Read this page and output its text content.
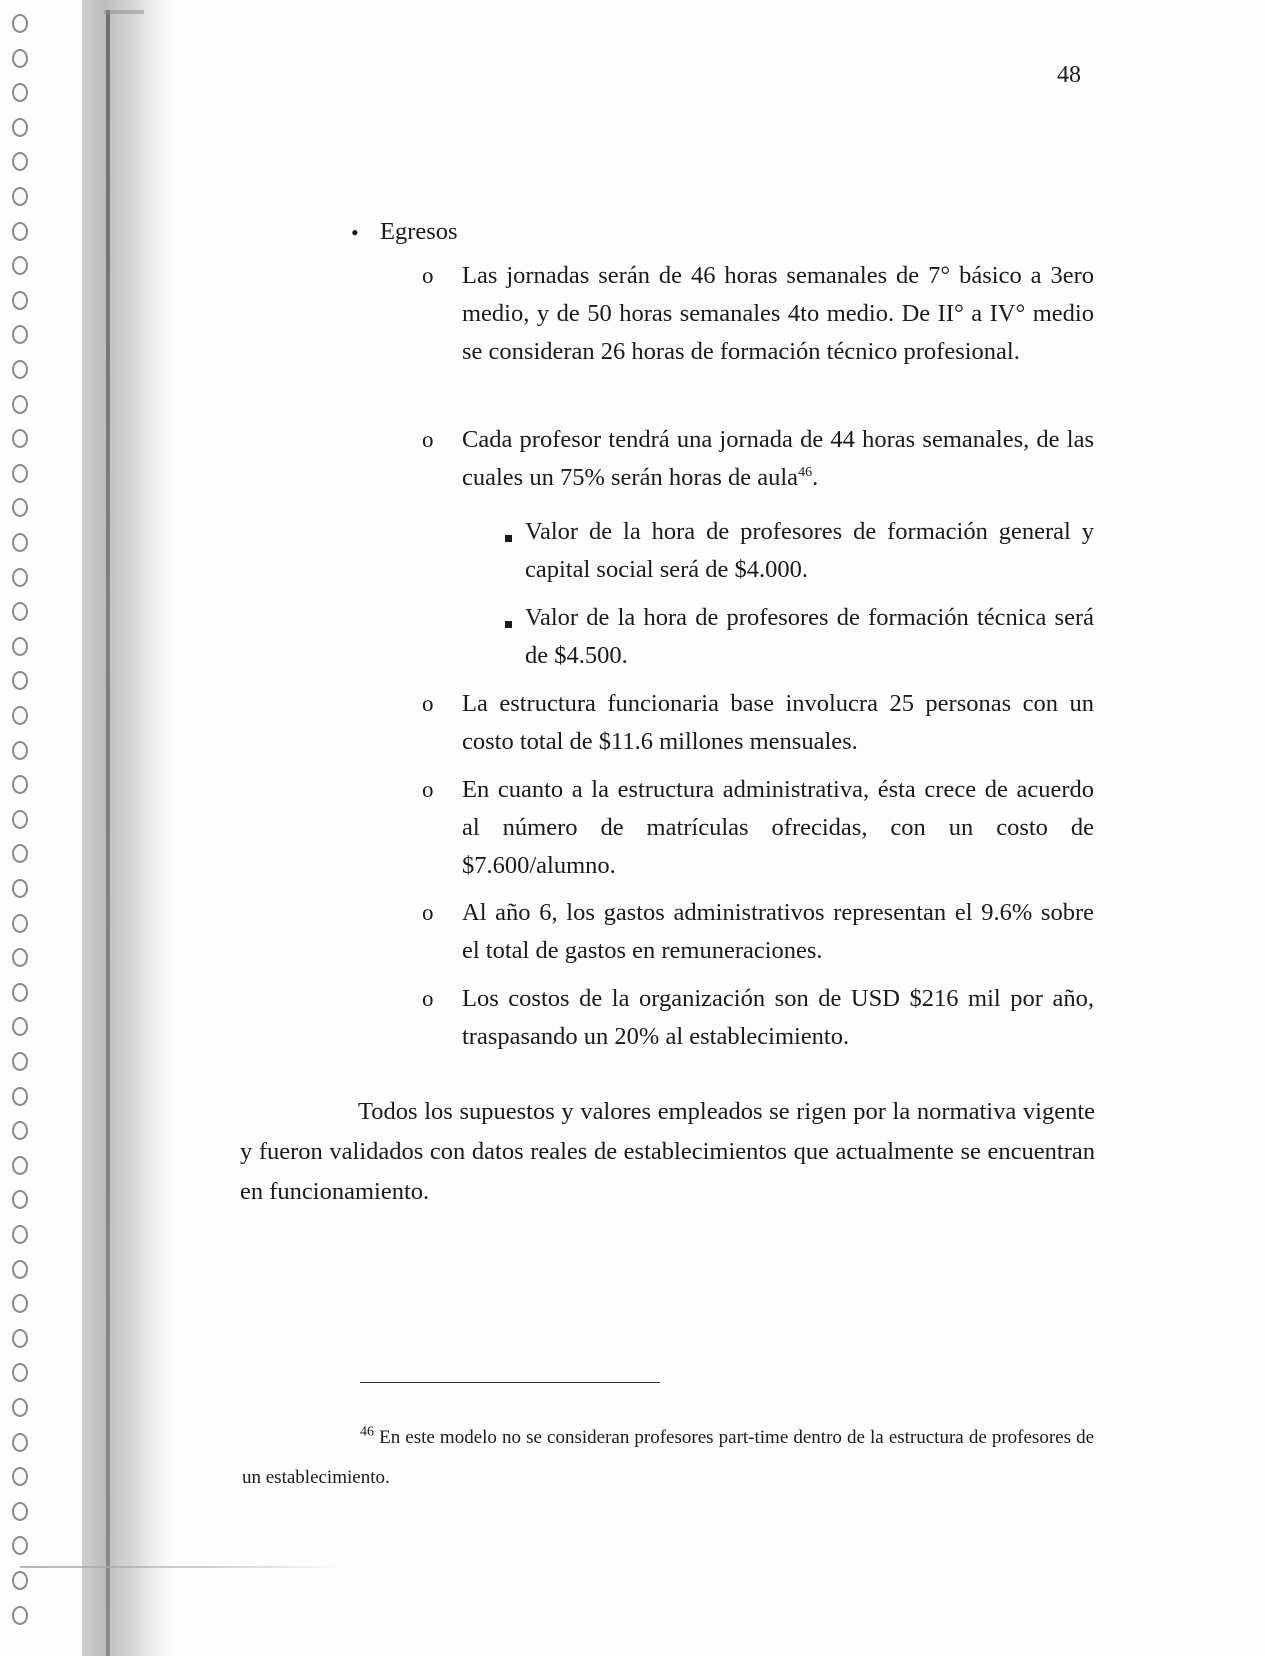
48
• Egresos
o Las jornadas serán de 46 horas semanales de 7° básico a 3ero medio, y de 50 horas semanales 4to medio. De II° a IV° medio se consideran 26 horas de formación técnico profesional.
o Cada profesor tendrá una jornada de 44 horas semanales, de las cuales un 75% serán horas de aula$^{46}$.
Valor de la hora de profesores de formación general y capital social será de $4.000.
Valor de la hora de profesores de formación técnica será de $4.500.
o La estructura funcionaria base involucra 25 personas con un costo total de $11.6 millones mensuales.
o En cuanto a la estructura administrativa, ésta crece de acuerdo al número de matrículas ofrecidas, con un costo de $7.600/alumno.
o Al año 6, los gastos administrativos representan el 9.6% sobre el total de gastos en remuneraciones.
o Los costos de la organización son de USD $216 mil por año, traspasando un 20% al establecimiento.
Todos los supuestos y valores empleados se rigen por la normativa vigente y fueron validados con datos reales de establecimientos que actualmente se encuentran en funcionamiento.
$^{46}$ En este modelo no se consideran profesores part-time dentro de la estructura de profesores de un establecimiento.
